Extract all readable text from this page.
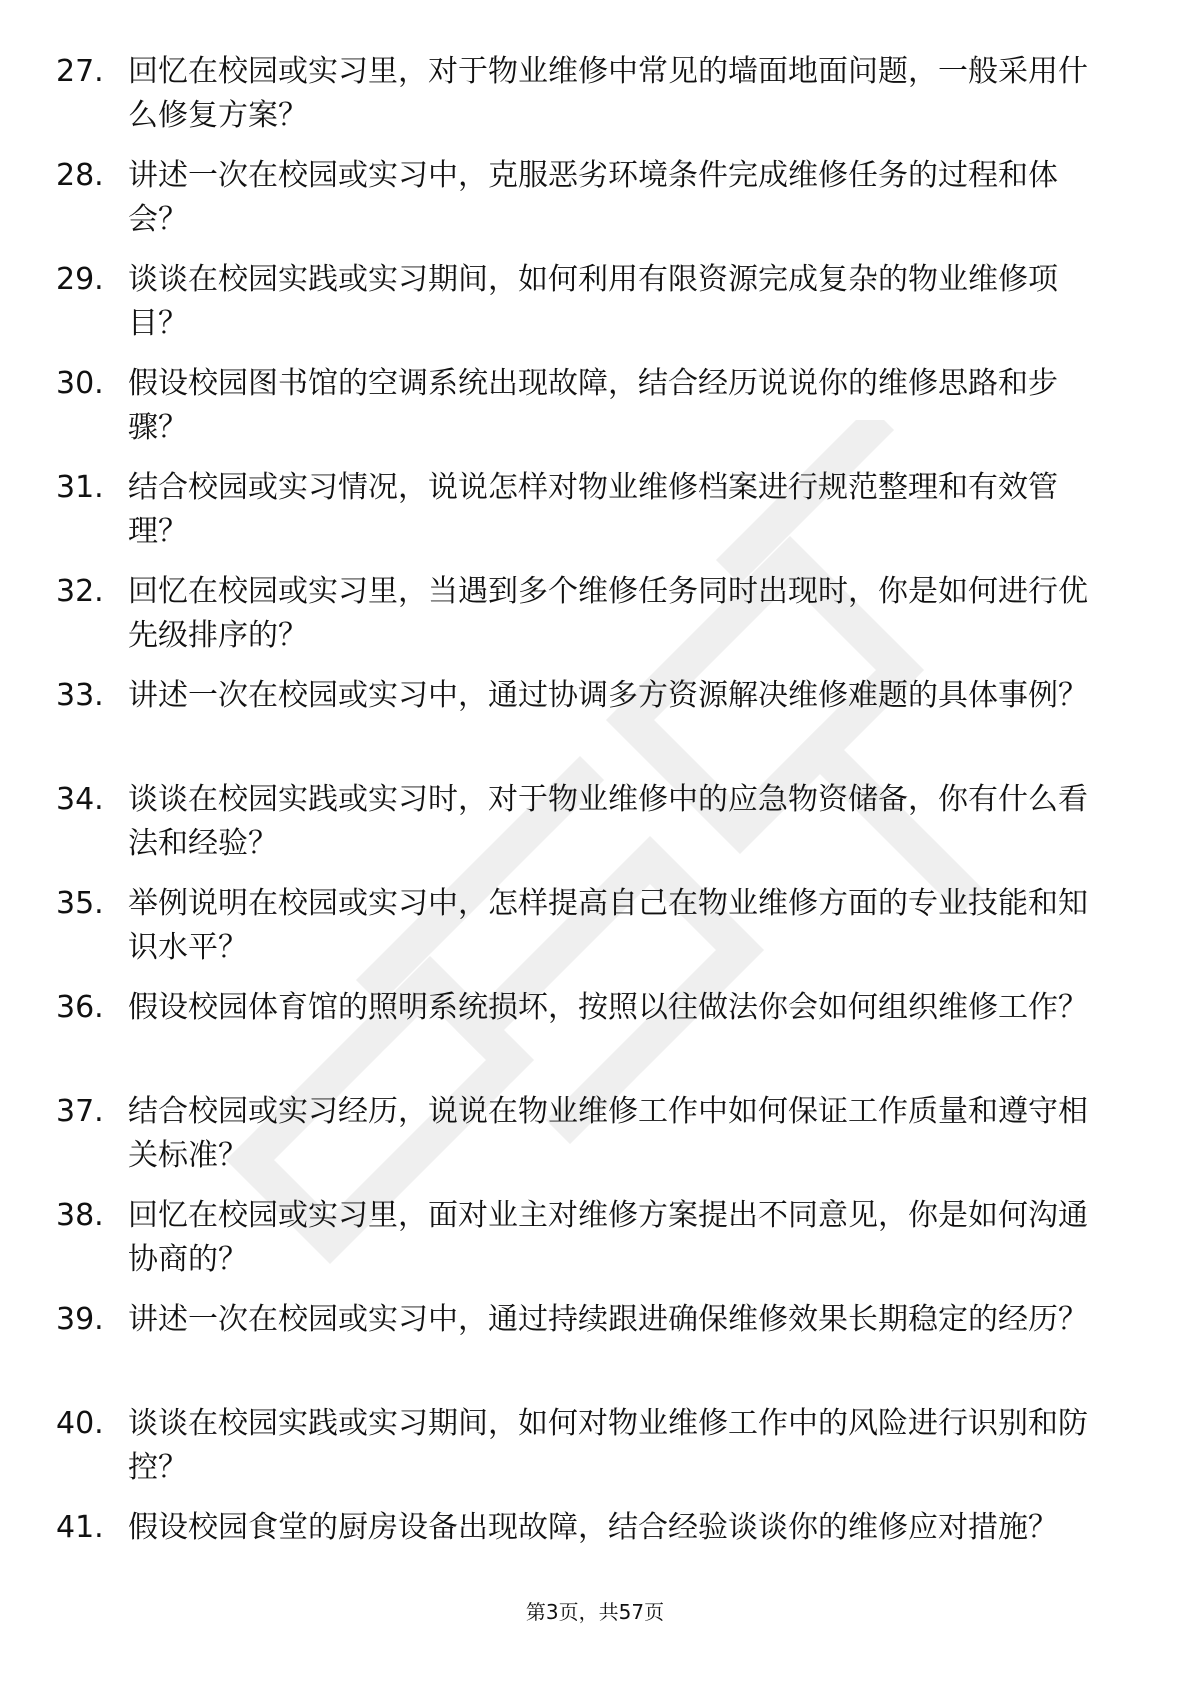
27. 回忆在校园或实习里，对于物业维修中常见的墙面地面问题，一般采用什么修复方案？
28. 讲述一次在校园或实习中，克服恶劣环境条件完成维修任务的过程和体会？
29. 谈谈在校园实践或实习期间，如何利用有限资源完成复杂的物业维修项目？
30. 假设校园图书馆的空调系统出现故障，结合经历说说你的维修思路和步骤？
31. 结合校园或实习情况，说说怎样对物业维修档案进行规范整理和有效管理？
32. 回忆在校园或实习里，当遇到多个维修任务同时出现时，你是如何进行优先级排序的？
33. 讲述一次在校园或实习中，通过协调多方资源解决维修难题的具体事例？
34. 谈谈在校园实践或实习时，对于物业维修中的应急物资储备，你有什么看法和经验？
35. 举例说明在校园或实习中，怎样提高自己在物业维修方面的专业技能和知识水平？
36. 假设校园体育馆的照明系统损坏，按照以往做法你会如何组织维修工作？
37. 结合校园或实习经历，说说在物业维修工作中如何保证工作质量和遵守相关标准？
38. 回忆在校园或实习里，面对业主对维修方案提出不同意见，你是如何沟通协商的？
39. 讲述一次在校园或实习中，通过持续跟进确保维修效果长期稳定的经历？
40. 谈谈在校园实践或实习期间，如何对物业维修工作中的风险进行识别和防控？
41. 假设校园食堂的厨房设备出现故障，结合经验谈谈你的维修应对措施？
第3页，共57页
